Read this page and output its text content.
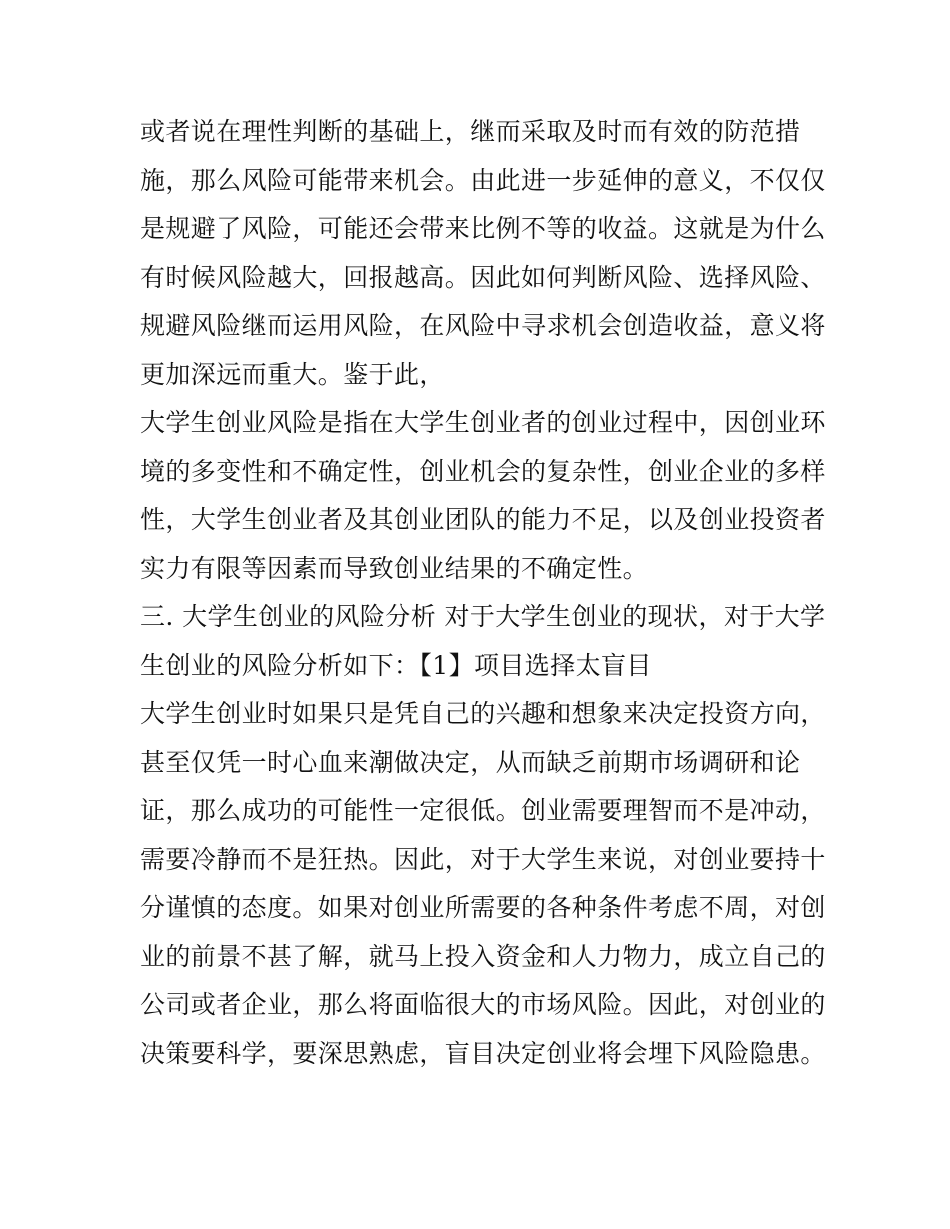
或者说在理性判断的基础上，继而采取及时而有效的防范措
施，那么风险可能带来机会。由此进一步延伸的意义，不仅仅
是规避了风险，可能还会带来比例不等的收益。这就是为什么
有时候风险越大，回报越高。因此如何判断风险、选择风险、
规避风险继而运用风险，在风险中寻求机会创造收益，意义将
更加深远而重大。鉴于此，
大学生创业风险是指在大学生创业者的创业过程中，因创业环
境的多变性和不确定性，创业机会的复杂性，创业企业的多样
性，大学生创业者及其创业团队的能力不足，以及创业投资者
实力有限等因素而导致创业结果的不确定性。
三. 大学生创业的风险分析 对于大学生创业的现状，对于大学
生创业的风险分析如下：【1】项目选择太盲目
大学生创业时如果只是凭自己的兴趣和想象来决定投资方向，
甚至仅凭一时心血来潮做决定，从而缺乏前期市场调研和论
证，那么成功的可能性一定很低。创业需要理智而不是冲动，
需要冷静而不是狂热。因此，对于大学生来说，对创业要持十
分谨慎的态度。如果对创业所需要的各种条件考虑不周，对创
业的前景不甚了解，就马上投入资金和人力物力，成立自己的
公司或者企业，那么将面临很大的市场风险。因此，对创业的
决策要科学，要深思熟虑，盲目决定创业将会埋下风险隐患。
